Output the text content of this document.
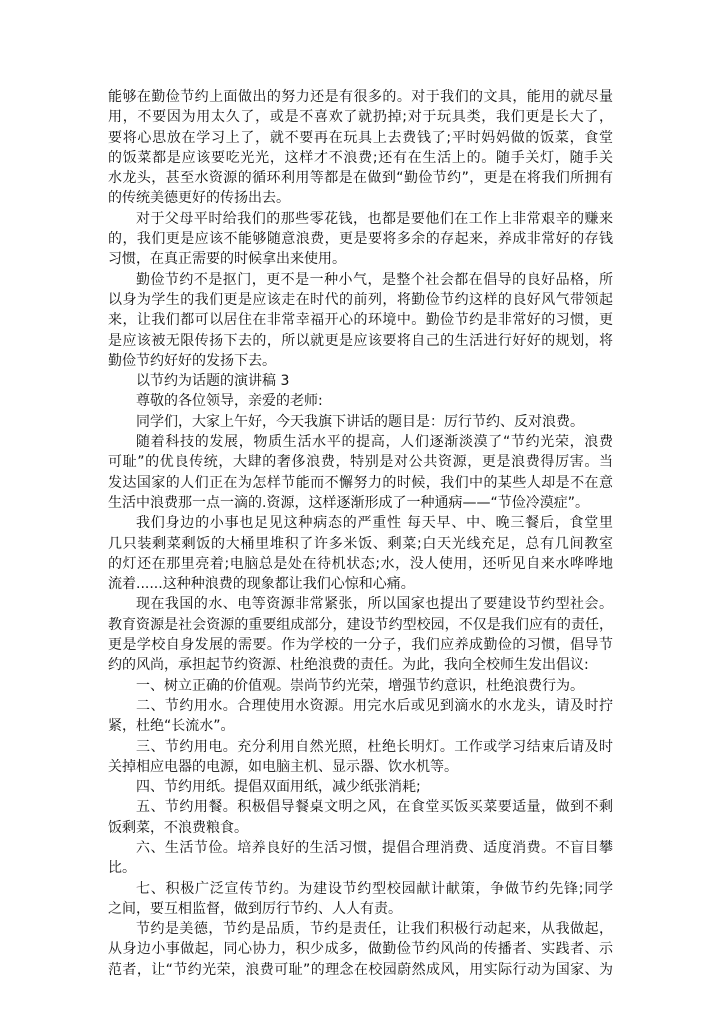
能够在勤俭节约上面做出的努力还是有很多的。对于我们的文具，能用的就尽量
用，不要因为用太久了，或是不喜欢了就扔掉;对于玩具类，我们更是长大了，
要将心思放在学习上了，就不要再在玩具上去费钱了;平时妈妈做的饭菜，食堂
的饭菜都是应该要吃光光，这样才不浪费;还有在生活上的。随手关灯，随手关
水龙头，甚至水资源的循环利用等都是在做到“勤俭节约”，更是在将我们所拥有
的传统美德更好的传扬出去。
对于父母平时给我们的那些零花钱，也都是要他们在工作上非常艰辛的赚来
的，我们更是应该不能够随意浪费，更是要将多余的存起来，养成非常好的存钱
习惯，在真正需要的时候拿出来使用。
勤俭节约不是抠门，更不是一种小气，是整个社会都在倡导的良好品格，所
以身为学生的我们更是应该走在时代的前列，将勤俭节约这样的良好风气带领起
来，让我们都可以居住在非常幸福开心的环境中。勤俭节约是非常好的习惯，更
是应该被无限传扬下去的，所以就更是应该要将自己的生活进行好好的规划，将
勤俭节约好好的发扬下去。
以节约为话题的演讲稿 3
尊敬的各位领导，亲爱的老师:
同学们，大家上午好，今天我旗下讲话的题目是：厉行节约、反对浪费。
随着科技的发展，物质生活水平的提高，人们逐渐淡漠了“节约光荣，浪费
可耻”的优良传统，大肆的奢侈浪费，特别是对公共资源，更是浪费得厉害。当
发达国家的人们正在为怎样节能而不懈努力的时候，我们中的某些人却是不在意
生活中浪费那一点一滴的.资源，这样逐渐形成了一种通病——“节俭冷漠症”。
我们身边的小事也足见这种病态的严重性 每天早、中、晚三餐后，食堂里
几只装剩菜剩饭的大桶里堆积了许多米饭、剩菜;白天光线充足，总有几间教室
的灯还在那里亮着;电脑总是处在待机状态;水，没人使用，还听见自来水哗哗地
流着......这种种浪费的现象都让我们心惊和心痛。
现在我国的水、电等资源非常紧张，所以国家也提出了要建设节约型社会。
教育资源是社会资源的重要组成部分，建设节约型校园，不仅是我们应有的责任，
更是学校自身发展的需要。作为学校的一分子，我们应养成勤俭的习惯，倡导节
约的风尚，承担起节约资源、杜绝浪费的责任。为此，我向全校师生发出倡议:
一、树立正确的价值观。崇尚节约光荣，增强节约意识，杜绝浪费行为。
二、节约用水。合理使用水资源。用完水后或见到滴水的水龙头，请及时拧
紧，杜绝“长流水”。
三、节约用电。充分利用自然光照，杜绝长明灯。工作或学习结束后请及时
关掉相应电器的电源，如电脑主机、显示器、饮水机等。
四、节约用纸。提倡双面用纸，减少纸张消耗;
五、节约用餐。积极倡导餐桌文明之风，在食堂买饭买菜要适量，做到不剩
饭剩菜，不浪费粮食。
六、生活节俭。培养良好的生活习惯，提倡合理消费、适度消费。不盲目攀
比。
七、积极广泛宣传节约。为建设节约型校园献计献策，争做节约先锋;同学
之间，要互相监督，做到厉行节约、人人有责。
节约是美德，节约是品质，节约是责任，让我们积极行动起来，从我做起，
从身边小事做起，同心协力，积少成多，做勤俭节约风尚的传播者、实践者、示
范者，让“节约光荣，浪费可耻”的理念在校园蔚然成风，用实际行动为国家、为
